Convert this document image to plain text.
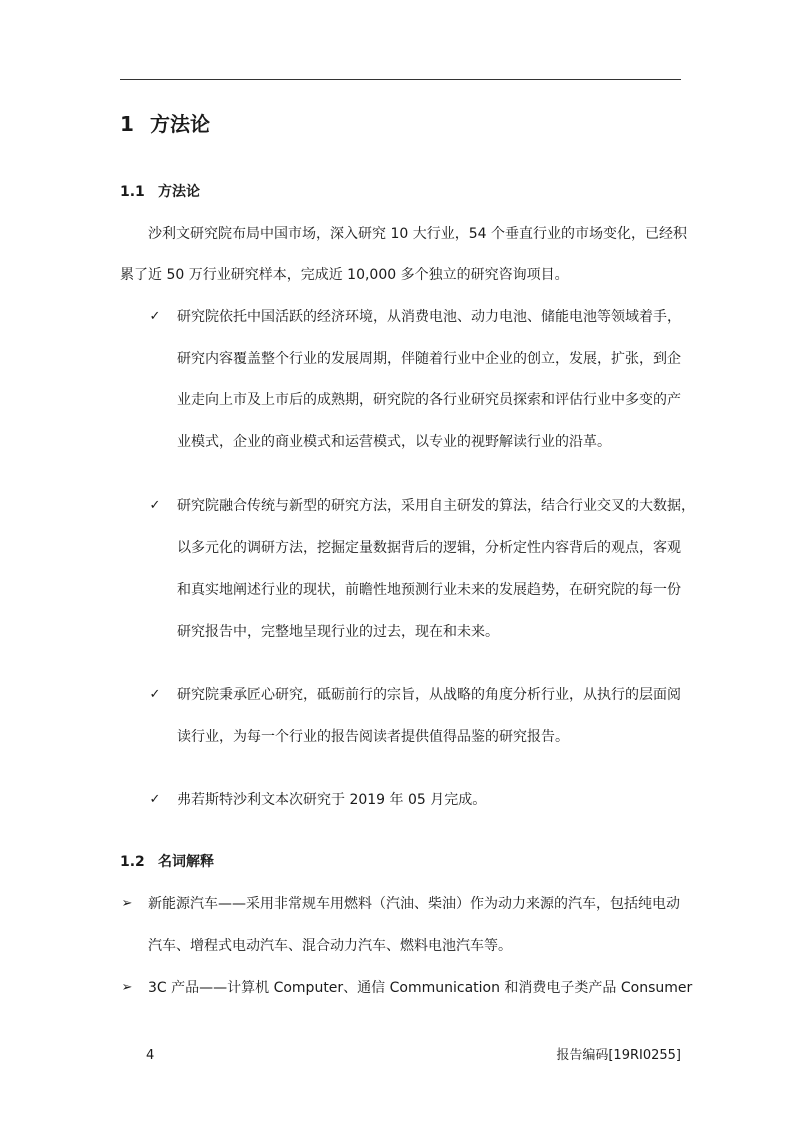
1 方法论
1.1 方法论
沙利文研究院布局中国市场，深入研究 10 大行业，54 个垂直行业的市场变化，已经积
累了近 50 万行业研究样本，完成近 10,000 多个独立的研究咨询项目。
✓ 研究院依托中国活跃的经济环境，从消费电池、动力电池、储能电池等领域着手，
研究内容覆盖整个行业的发展周期，伴随着行业中企业的创立，发展，扩张，到企
业走向上市及上市后的成熟期，研究院的各行业研究员探索和评估行业中多变的产
业模式，企业的商业模式和运营模式，以专业的视野解读行业的沿革。
✓ 研究院融合传统与新型的研究方法，采用自主研发的算法，结合行业交叉的大数据，
以多元化的调研方法，挖掘定量数据背后的逻辑，分析定性内容背后的观点，客观
和真实地阐述行业的现状，前瞻性地预测行业未来的发展趋势，在研究院的每一份
研究报告中，完整地呈现行业的过去，现在和未来。
✓ 研究院秉承匠心研究，砥砺前行的宗旨，从战略的角度分析行业，从执行的层面阅
读行业，为每一个行业的报告阅读者提供值得品鉴的研究报告。
✓ 弗若斯特沙利文本次研究于 2019 年 05 月完成。
1.2 名词解释
➢ 新能源汽车——采用非常规车用燃料（汽油、柴油）作为动力来源的汽车，包括纯电动
汽车、增程式电动汽车、混合动力汽车、燃料电池汽车等。
➢ 3C 产品——计算机 Computer、通信 Communication 和消费电子类产品 Consumer
4	报告编码[19RI0255]
